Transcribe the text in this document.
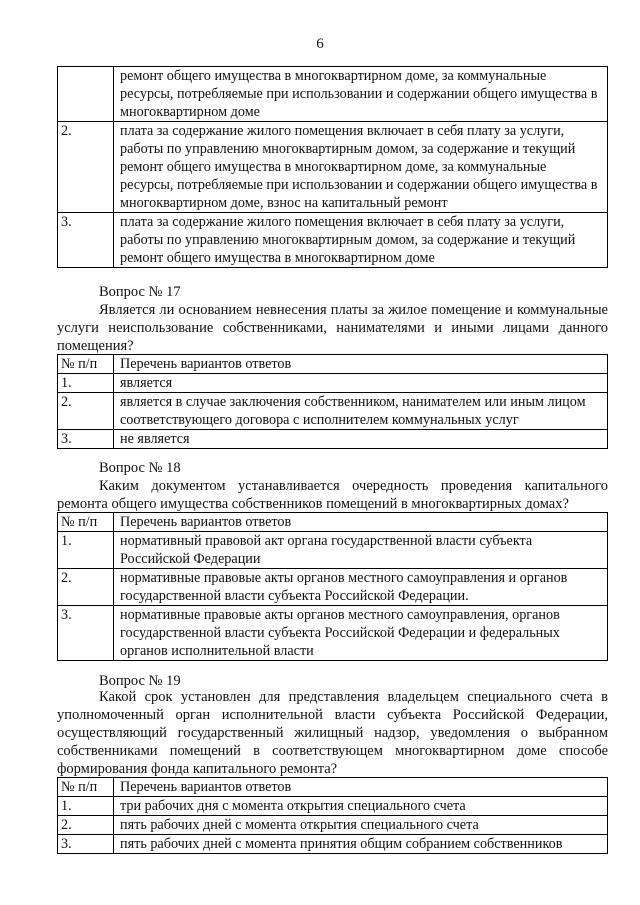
6
	ремонт общего имущества в многоквартирном доме, за коммунальные ресурсы, потребляемые при использовании и содержании общего имущества в многоквартирном доме
2.	плата за содержание жилого помещения включает в себя плату за услуги, работы по управлению многоквартирным домом, за содержание и текущий ремонт общего имущества в многоквартирном доме, за коммунальные ресурсы, потребляемые при использовании и содержании общего имущества в многоквартирном доме, взнос на капитальный ремонт
3.	плата за содержание жилого помещения включает в себя плату за услуги, работы по управлению многоквартирным домом, за содержание и текущий ремонт общего имущества в многоквартирном доме
Вопрос № 17
Является ли основанием невнесения платы за жилое помещение и коммунальные услуги неиспользование собственниками, нанимателями и иными лицами данного помещения?
№ п/п	Перечень вариантов ответов
1.	является
2.	является в случае заключения собственником, нанимателем или иным лицом соответствующего договора с исполнителем коммунальных услуг
3.	не является
Вопрос № 18
Каким документом устанавливается очередность проведения капитального ремонта общего имущества собственников помещений в многоквартирных домах?
№ п/п	Перечень вариантов ответов
1.	нормативный правовой акт органа государственной власти субъекта Российской Федерации
2.	нормативные правовые акты органов местного самоуправления и органов государственной власти субъекта Российской Федерации.
3.	нормативные правовые акты органов местного самоуправления, органов государственной власти субъекта Российской Федерации и федеральных органов исполнительной власти
Вопрос № 19
Какой срок установлен для представления владельцем специального счета в уполномоченный орган исполнительной власти субъекта Российской Федерации, осуществляющий государственный жилищный надзор, уведомления о выбранном собственниками помещений в соответствующем многоквартирном доме способе формирования фонда капитального ремонта?
№ п/п	Перечень вариантов ответов
1.	три рабочих дня с момента открытия специального счета
2.	пять рабочих дней с момента открытия специального счета
3.	пять рабочих дней с момента принятия общим собранием собственников
